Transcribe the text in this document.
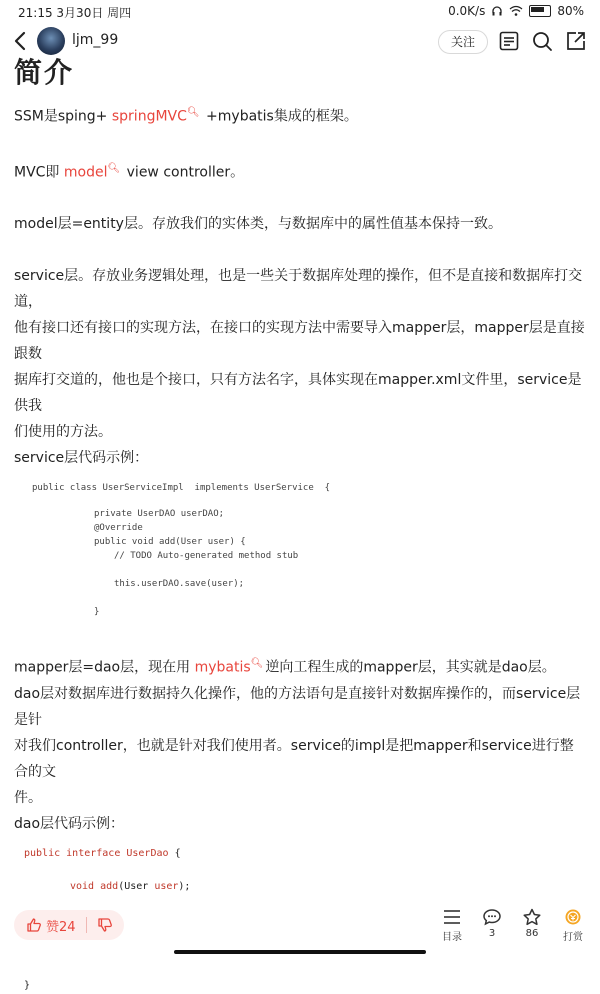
21:15 3月30日 周四	0.0K/s	80%
ljm_99	关注
简介

SSM是sping+ springMVC🔍︎ +mybatis集成的框架。

MVC即 model🔍︎ view controller。

model层=entity层。存放我们的实体类，与数据库中的属性值基本保持一致。

service层。存放业务逻辑处理，也是一些关于数据库处理的操作，但不是直接和数据库打交道，

他有接口还有接口的实现方法，在接口的实现方法中需要导入mapper层，mapper层是直接跟数

据库打交道的，他也是个接口，只有方法名字，具体实现在mapper.xml文件里，service是供我

们使用的方法。

service层代码示例：

public class UserServiceImpl  implements UserService  {
private UserDAO userDAO;
@Override
public void add(User user) {
// TODO Auto-generated method stub
this.userDAO.save(user);
}

mapper层=dao层，现在用 mybatis🔍︎ 逆向工程生成的mapper层，其实就是dao层。

dao层对数据库进行数据持久化操作，他的方法语句是直接针对数据库操作的，而service层是针

对我们controller，也就是针对我们使用者。service的impl是把mapper和service进行整合的文

件。

dao层代码示例：

public interface UserDao {
void add(User user);

}
赞24
目录	3	86	打赏
